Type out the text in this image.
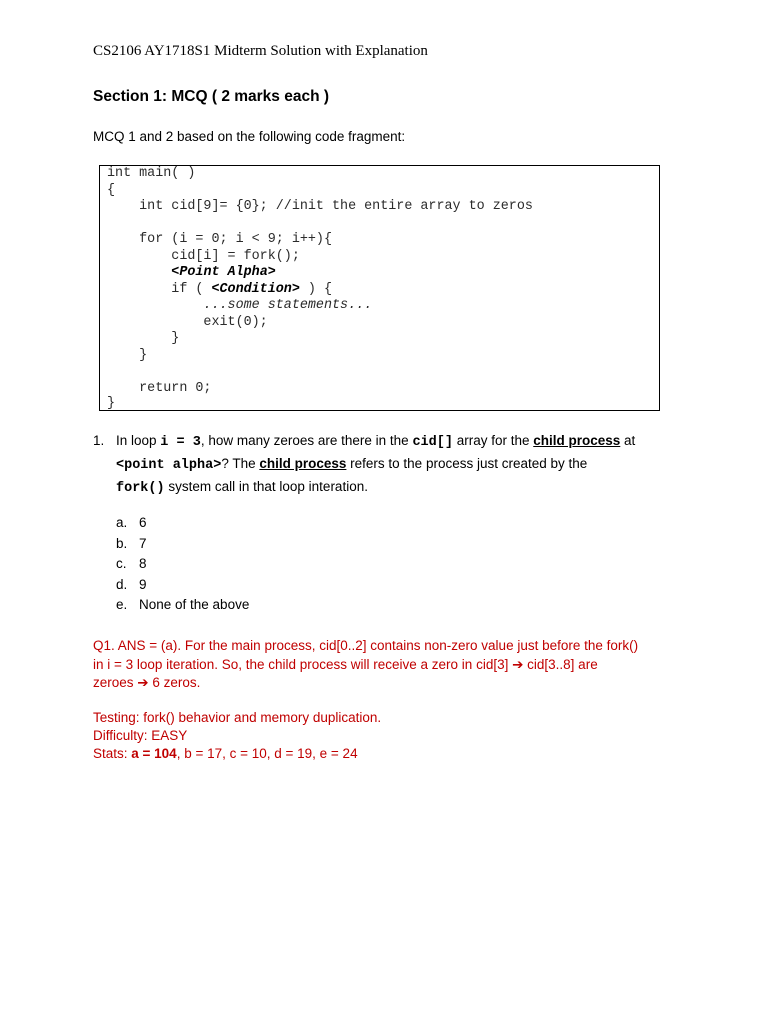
CS2106 AY1718S1 Midterm Solution with Explanation
Section 1: MCQ ( 2 marks each )
MCQ 1 and 2 based on the following code fragment:
int main( )
{
int cid[9]= {0}; //init the entire array to zeros
for (i = 0; i < 9; i++){
cid[i] = fork();
<Point Alpha>
if ( <Condition> ) {
...some statements...
exit(0);
}
}
return 0;
}
1. In loop i = 3, how many zeroes are there in the cid[] array for the child process at
<point alpha>? The child process refers to the process just created by the
fork() system call in that loop interation.
a. 6
b. 7
c. 8
d. 9
e. None of the above
Q1. ANS = (a). For the main process, cid[0..2] contains non-zero value just before the fork()
in i = 3 loop iteration. So, the child process will receive a zero in cid[3] ➔ cid[3..8] are
zeroes ➔ 6 zeros.
Testing: fork() behavior and memory duplication.
Difficulty: EASY
Stats: a = 104, b = 17, c = 10, d = 19, e = 24
